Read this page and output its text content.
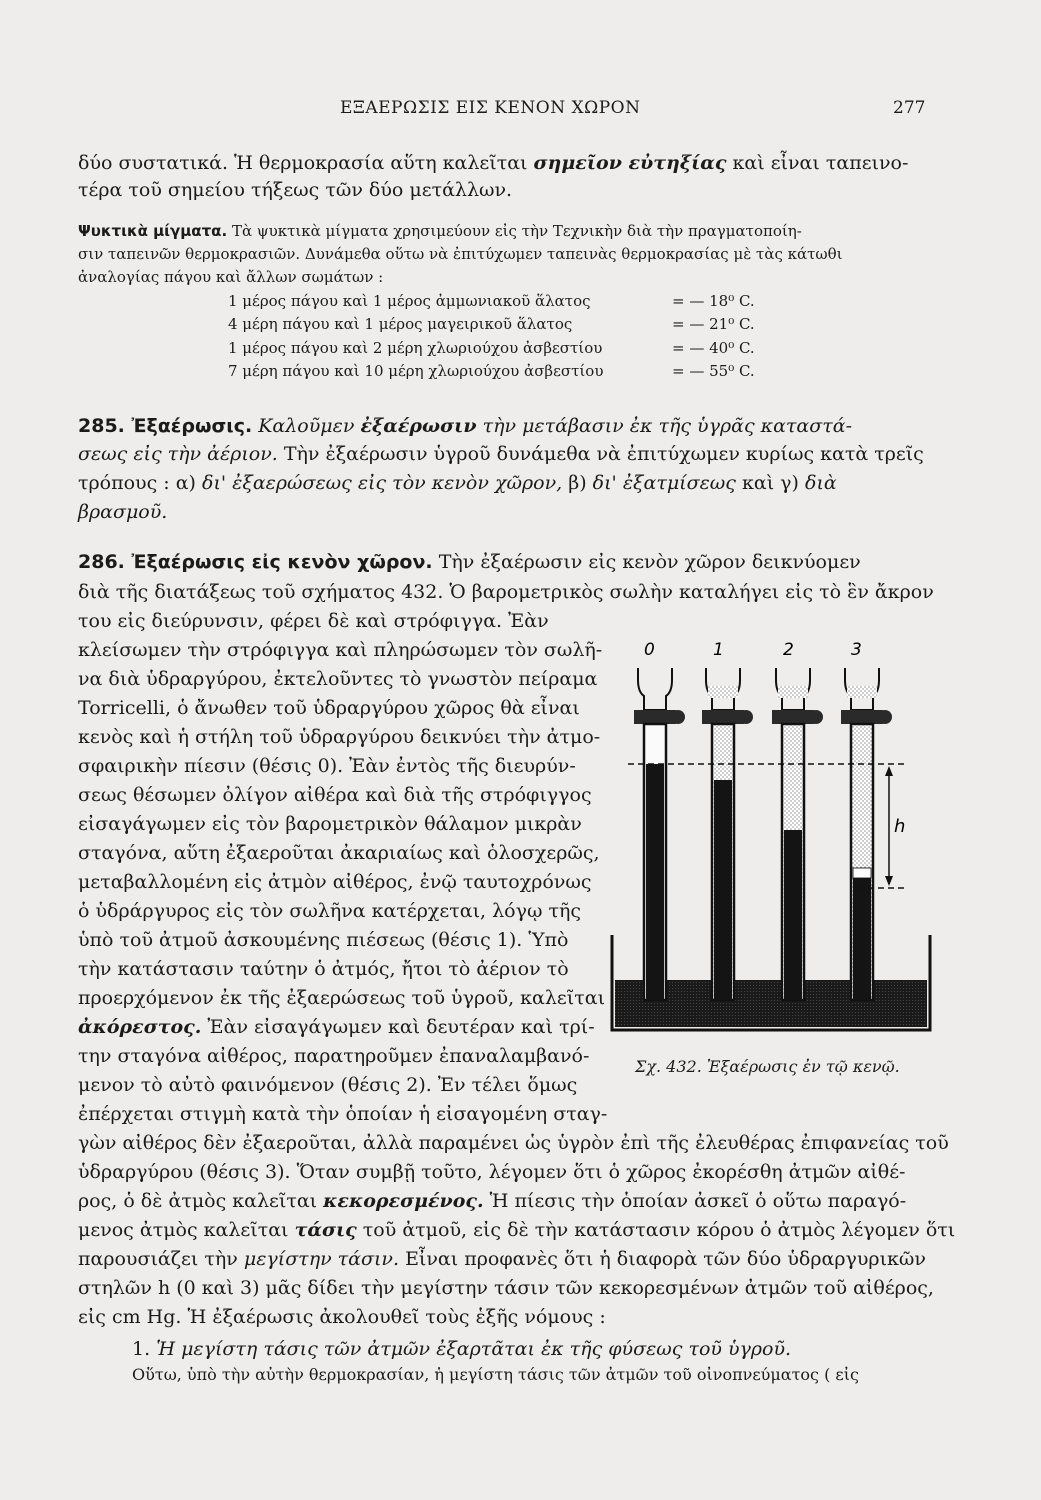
ΕΞΑΕΡΩΣΙΣ ΕΙΣ ΚΕΝΟΝ ΧΩΡΟΝ	277
δύο συστατικά. Ἡ θερμοκρασία αὕτη καλεῖται σημεῖον εὐτηξίας καὶ εἶναι ταπεινο-
τέρα τοῦ σημείου τήξεως τῶν δύο μετάλλων.
Ψυκτικὰ μίγματα. Τὰ ψυκτικὰ μίγματα χρησιμεύουν εἰς τὴν Τεχνικὴν διὰ τὴν πραγματοποίη-
σιν ταπεινῶν θερμοκρασιῶν. Δυνάμεθα οὕτω νὰ ἐπιτύχωμεν ταπεινὰς θερμοκρασίας μὲ τὰς κάτωθι
ἀναλογίας πάγου καὶ ἄλλων σωμάτων :
1 μέρος πάγου καὶ 1 μέρος ἀμμωνιακοῦ ἅλατος	= — 18⁰ C.
4 μέρη πάγου καὶ 1 μέρος μαγειρικοῦ ἅλατος	= — 21⁰ C.
1 μέρος πάγου καὶ 2 μέρη χλωριούχου ἀσβεστίου	= — 40⁰ C.
7 μέρη πάγου καὶ 10 μέρη χλωριούχου ἀσβεστίου	= — 55⁰ C.
285. Ἐξαέρωσις. Καλοῦμεν ἐξαέρωσιν τὴν μετάβασιν ἐκ τῆς ὑγρᾶς καταστά-
σεως εἰς τὴν ἀέριον. Τὴν ἐξαέρωσιν ὑγροῦ δυνάμεθα νὰ ἐπιτύχωμεν κυρίως κατὰ τρεῖς
τρόπους : α) δι' ἐξαερώσεως εἰς τὸν κενὸν χῶρον, β) δι' ἐξατμίσεως καὶ γ) διὰ
βρασμοῦ.
286. Ἐξαέρωσις εἰς κενὸν χῶρον. Τὴν ἐξαέρωσιν εἰς κενὸν χῶρον δεικνύομεν
διὰ τῆς διατάξεως τοῦ σχήματος 432. Ὁ βαρομετρικὸς σωλὴν καταλήγει εἰς τὸ ἓν ἄκρον
του εἰς διεύρυνσιν, φέρει δὲ καὶ στρόφιγγα. Ἐὰν
κλείσωμεν τὴν στρόφιγγα καὶ πληρώσωμεν τὸν σωλῆ-
να διὰ ὑδραργύρου, ἐκτελοῦντες τὸ γνωστὸν πείραμα
Torricelli, ὁ ἄνωθεν τοῦ ὑδραργύρου χῶρος θὰ εἶναι
κενὸς καὶ ἡ στήλη τοῦ ὑδραργύρου δεικνύει τὴν ἀτμο-
σφαιρικὴν πίεσιν (θέσις 0). Ἐὰν ἐντὸς τῆς διευρύν-
σεως θέσωμεν ὀλίγον αἰθέρα καὶ διὰ τῆς στρόφιγγος
εἰσαγάγωμεν εἰς τὸν βαρομετρικὸν θάλαμον μικρὰν
σταγόνα, αὕτη ἐξαεροῦται ἀκαριαίως καὶ ὁλοσχερῶς,
μεταβαλλομένη εἰς ἀτμὸν αἰθέρος, ἐνῷ ταυτοχρόνως
ὁ ὑδράργυρος εἰς τὸν σωλῆνα κατέρχεται, λόγῳ τῆς
ὑπὸ τοῦ ἀτμοῦ ἀσκουμένης πιέσεως (θέσις 1). Ὑπὸ
τὴν κατάστασιν ταύτην ὁ ἀτμός, ἤτοι τὸ ἀέριον τὸ
προερχόμενον ἐκ τῆς ἐξαερώσεως τοῦ ὑγροῦ, καλεῖται
ἀκόρεστος. Ἐὰν εἰσαγάγωμεν καὶ δευτέραν καὶ τρί-
την σταγόνα αἰθέρος, παρατηροῦμεν ἐπαναλαμβανό-
μενον τὸ αὐτὸ φαινόμενον (θέσις 2). Ἐν τέλει ὅμως
ἐπέρχεται στιγμὴ κατὰ τὴν ὁποίαν ἡ εἰσαγομένη σταγ-
γὼν αἰθέρος δὲν ἐξαεροῦται, ἀλλὰ παραμένει ὡς ὑγρὸν ἐπὶ τῆς ἐλευθέρας ἐπιφανείας τοῦ
ὑδραργύρου (θέσις 3). Ὅταν συμβῇ τοῦτο, λέγομεν ὅτι ὁ χῶρος ἐκορέσθη ἀτμῶν αἰθέ-
ρος, ὁ δὲ ἀτμὸς καλεῖται κεκορεσμένος. Ἡ πίεσις τὴν ὁποίαν ἀσκεῖ ὁ οὕτω παραγό-
μενος ἀτμὸς καλεῖται τάσις τοῦ ἀτμοῦ, εἰς δὲ τὴν κατάστασιν κόρου ὁ ἀτμὸς λέγομεν ὅτι
παρουσιάζει τὴν μεγίστην τάσιν. Εἶναι προφανὲς ὅτι ἡ διαφορὰ τῶν δύο ὑδραργυρικῶν
στηλῶν h (0 καὶ 3) μᾶς δίδει τὴν μεγίστην τάσιν τῶν κεκορεσμένων ἀτμῶν τοῦ αἰθέρος,
εἰς cm Hg. Ἡ ἐξαέρωσις ἀκολουθεῖ τοὺς ἑξῆς νόμους :
1. Ἡ μεγίστη τάσις τῶν ἀτμῶν ἐξαρτᾶται ἐκ τῆς φύσεως τοῦ ὑγροῦ.
Οὕτω, ὑπὸ τὴν αὐτὴν θερμοκρασίαν, ἡ μεγίστη τάσις τῶν ἀτμῶν τοῦ οἰνοπνεύματος ( εἰς
0	1	2	3
h
Σχ. 432. Ἐξαέρωσις ἐν τῷ κενῷ.
